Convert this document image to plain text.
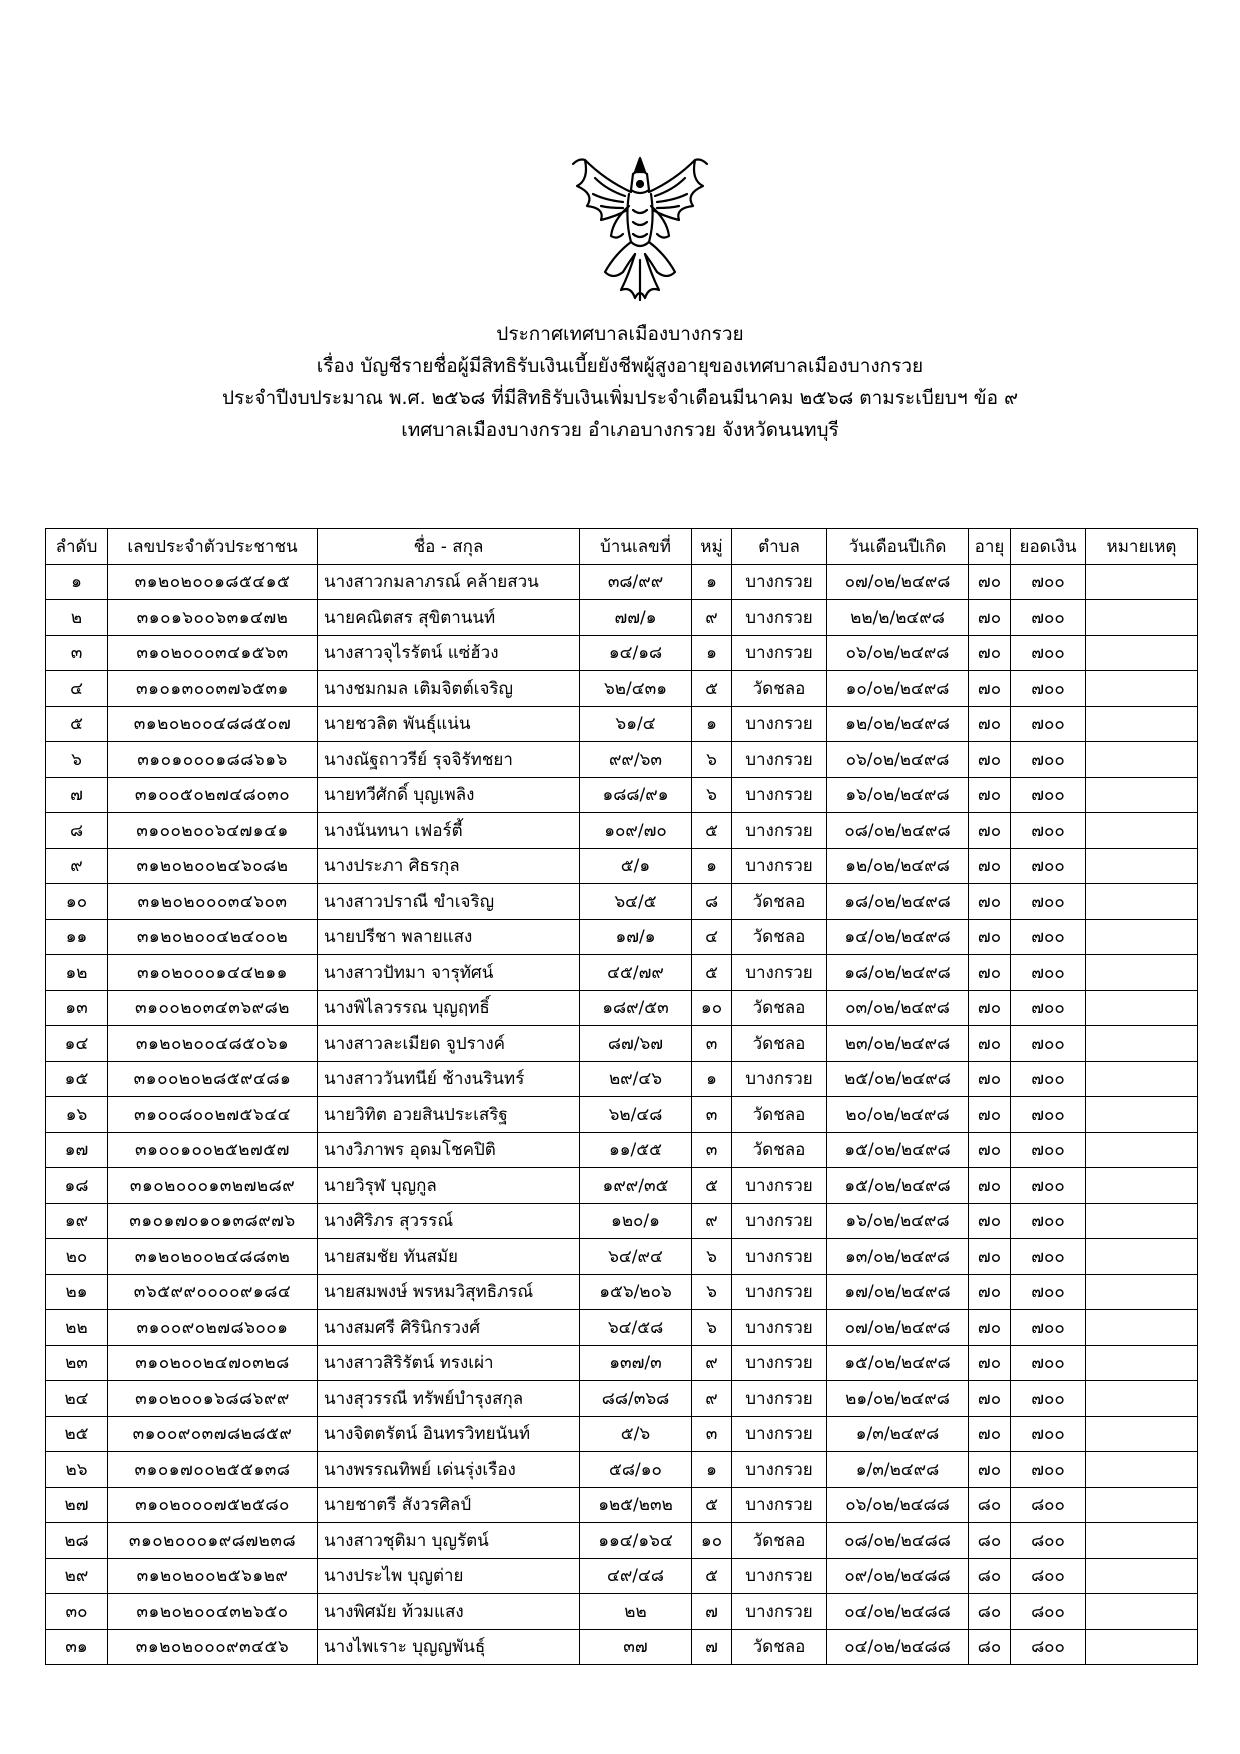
ประกาศเทศบาลเมืองบางกรวย
เรื่อง บัญชีรายชื่อผู้มีสิทธิรับเงินเบี้ยยังชีพผู้สูงอายุของเทศบาลเมืองบางกรวย
ประจำปีงบประมาณ พ.ศ. ๒๕๖๘ ที่มีสิทธิรับเงินเพิ่มประจำเดือนมีนาคม ๒๕๖๘ ตามระเบียบฯ ข้อ ๙
เทศบาลเมืองบางกรวย อำเภอบางกรวย จังหวัดนนทบุรี
ลำดับ	เลขประจำตัวประชาชน	ชื่อ - สกุล	บ้านเลขที่	หมู่	ตำบล	วันเดือนปีเกิด	อายุ	ยอดเงิน	หมายเหตุ
๑	๓๑๒๐๒๐๐๑๘๕๔๑๕	นางสาวกมลาภรณ์ คล้ายสวน	๓๘/๙๙	๑	บางกรวย	๐๗/๐๒/๒๔๙๘	๗๐	๗๐๐	
๒	๓๑๐๑๖๐๐๖๓๑๔๗๒	นายคณิตสร สุขิตานนท์	๗๗/๑	๙	บางกรวย	๒๒/๒/๒๔๙๘	๗๐	๗๐๐	
๓	๓๑๐๒๐๐๐๓๔๑๕๖๓	นางสาวจุไรรัตน์ แซ่ฮ้วง	๑๔/๑๘	๑	บางกรวย	๐๖/๐๒/๒๔๙๘	๗๐	๗๐๐	
๔	๓๑๐๑๓๐๐๓๗๖๕๓๑	นางชมกมล เติมจิตต์เจริญ	๖๒/๔๓๑	๕	วัดชลอ	๑๐/๐๒/๒๔๙๘	๗๐	๗๐๐	
๕	๓๑๒๐๒๐๐๔๘๘๕๐๗	นายชวลิต พันธุ์แน่น	๖๑/๔	๑	บางกรวย	๑๒/๐๒/๒๔๙๘	๗๐	๗๐๐	
๖	๓๑๐๑๐๐๐๑๘๘๖๑๖	นางณัฐถาวรีย์ รุจจิรัทชยา	๙๙/๖๓	๖	บางกรวย	๐๖/๐๒/๒๔๙๘	๗๐	๗๐๐	
๗	๓๑๐๐๕๐๒๗๔๘๐๓๐	นายทวีศักดิ์ บุญเพลิง	๑๘๘/๙๑	๖	บางกรวย	๑๖/๐๒/๒๔๙๘	๗๐	๗๐๐	
๘	๓๑๐๐๒๐๐๖๔๗๑๔๑	นางนันทนา เฟอร์ตี้	๑๐๙/๗๐	๕	บางกรวย	๐๘/๐๒/๒๔๙๘	๗๐	๗๐๐	
๙	๓๑๒๐๒๐๐๒๔๖๐๘๒	นางประภา ศิธรกุล	๕/๑	๑	บางกรวย	๑๒/๐๒/๒๔๙๘	๗๐	๗๐๐	
๑๐	๓๑๒๐๒๐๐๐๓๔๖๐๓	นางสาวปราณี ขำเจริญ	๖๔/๕	๘	วัดชลอ	๑๘/๐๒/๒๔๙๘	๗๐	๗๐๐	
๑๑	๓๑๒๐๒๐๐๔๒๔๐๐๒	นายปรีชา พลายแสง	๑๗/๑	๔	วัดชลอ	๑๔/๐๒/๒๔๙๘	๗๐	๗๐๐	
๑๒	๓๑๐๒๐๐๐๑๔๔๒๑๑	นางสาวปัทมา จารุทัศน์	๔๕/๗๙	๕	บางกรวย	๑๘/๐๒/๒๔๙๘	๗๐	๗๐๐	
๑๓	๓๑๐๐๒๐๓๔๓๖๙๘๒	นางพิไลวรรณ บุญฤทธิ์	๑๘๙/๕๓	๑๐	วัดชลอ	๐๓/๐๒/๒๔๙๘	๗๐	๗๐๐	
๑๔	๓๑๒๐๒๐๐๔๘๕๐๖๑	นางสาวละเมียด จูปรางค์	๘๗/๖๗	๓	วัดชลอ	๒๓/๐๒/๒๔๙๘	๗๐	๗๐๐	
๑๕	๓๑๐๐๒๐๒๘๕๙๔๘๑	นางสาววันทนีย์ ช้างนรินทร์	๒๙/๔๖	๑	บางกรวย	๒๕/๐๒/๒๔๙๘	๗๐	๗๐๐	
๑๖	๓๑๐๐๘๐๐๒๗๕๖๔๔	นายวิทิต อวยสินประเสริฐ	๖๒/๔๘	๓	วัดชลอ	๒๐/๐๒/๒๔๙๘	๗๐	๗๐๐	
๑๗	๓๑๐๐๑๐๐๒๕๒๗๕๗	นางวิภาพร อุดมโชคปิติ	๑๑/๕๕	๓	วัดชลอ	๑๕/๐๒/๒๔๙๘	๗๐	๗๐๐	
๑๘	๓๑๐๒๐๐๐๑๓๒๗๒๘๙	นายวิรุฬ บุญกูล	๑๙๙/๓๕	๕	บางกรวย	๑๕/๐๒/๒๔๙๘	๗๐	๗๐๐	
๑๙	๓๑๐๑๗๐๑๐๑๓๘๙๗๖	นางศิริภร สุวรรณ์	๑๒๐/๑	๙	บางกรวย	๑๖/๐๒/๒๔๙๘	๗๐	๗๐๐	
๒๐	๓๑๒๐๒๐๐๒๔๘๘๓๒	นายสมชัย ทันสมัย	๖๔/๙๔	๖	บางกรวย	๑๓/๐๒/๒๔๙๘	๗๐	๗๐๐	
๒๑	๓๖๕๙๙๐๐๐๐๙๑๘๔	นายสมพงษ์ พรหมวิสุทธิภรณ์	๑๕๖/๒๐๖	๖	บางกรวย	๑๗/๐๒/๒๔๙๘	๗๐	๗๐๐	
๒๒	๓๑๐๐๙๐๒๗๘๖๐๐๑	นางสมศรี ศิรินิกรวงศ์	๖๔/๕๘	๖	บางกรวย	๐๗/๐๒/๒๔๙๘	๗๐	๗๐๐	
๒๓	๓๑๐๒๐๐๒๔๗๐๓๒๘	นางสาวสิริรัตน์ ทรงเผ่า	๑๓๗/๓	๙	บางกรวย	๑๕/๐๒/๒๔๙๘	๗๐	๗๐๐	
๒๔	๓๑๐๒๐๐๑๖๘๘๖๙๙	นางสุวรรณี ทรัพย์บำรุงสกุล	๘๘/๓๖๘	๙	บางกรวย	๒๑/๐๒/๒๔๙๘	๗๐	๗๐๐	
๒๕	๓๑๐๐๙๐๓๗๘๒๘๕๙	นางจิตตรัตน์ อินทรวิทยนันท์	๕/๖	๓	บางกรวย	๑/๓/๒๔๙๘	๗๐	๗๐๐	
๒๖	๓๑๐๑๗๐๐๒๕๕๑๓๘	นางพรรณทิพย์ เด่นรุ่งเรือง	๕๘/๑๐	๑	บางกรวย	๑/๓/๒๔๙๘	๗๐	๗๐๐	
๒๗	๓๑๐๒๐๐๐๗๕๒๕๘๐	นายชาตรี สังวรศิลป์	๑๒๕/๒๓๒	๕	บางกรวย	๐๖/๐๒/๒๔๘๘	๘๐	๘๐๐	
๒๘	๓๑๐๒๐๐๐๑๙๘๗๒๓๘	นางสาวชุติมา บุญรัตน์	๑๑๔/๑๖๔	๑๐	วัดชลอ	๐๘/๐๒/๒๔๘๘	๘๐	๘๐๐	
๒๙	๓๑๒๐๒๐๐๒๕๖๑๒๙	นางประไพ บุญต่าย	๔๙/๔๘	๕	บางกรวย	๐๙/๐๒/๒๔๘๘	๘๐	๘๐๐	
๓๐	๓๑๒๐๒๐๐๔๓๒๖๕๐	นางพิศมัย ท้วมแสง	๒๒	๗	บางกรวย	๐๔/๐๒/๒๔๘๘	๘๐	๘๐๐	
๓๑	๓๑๒๐๒๐๐๐๙๓๔๕๖	นางไพเราะ บุญญพันธุ์	๓๗	๗	วัดชลอ	๐๔/๐๒/๒๔๘๘	๘๐	๘๐๐	
